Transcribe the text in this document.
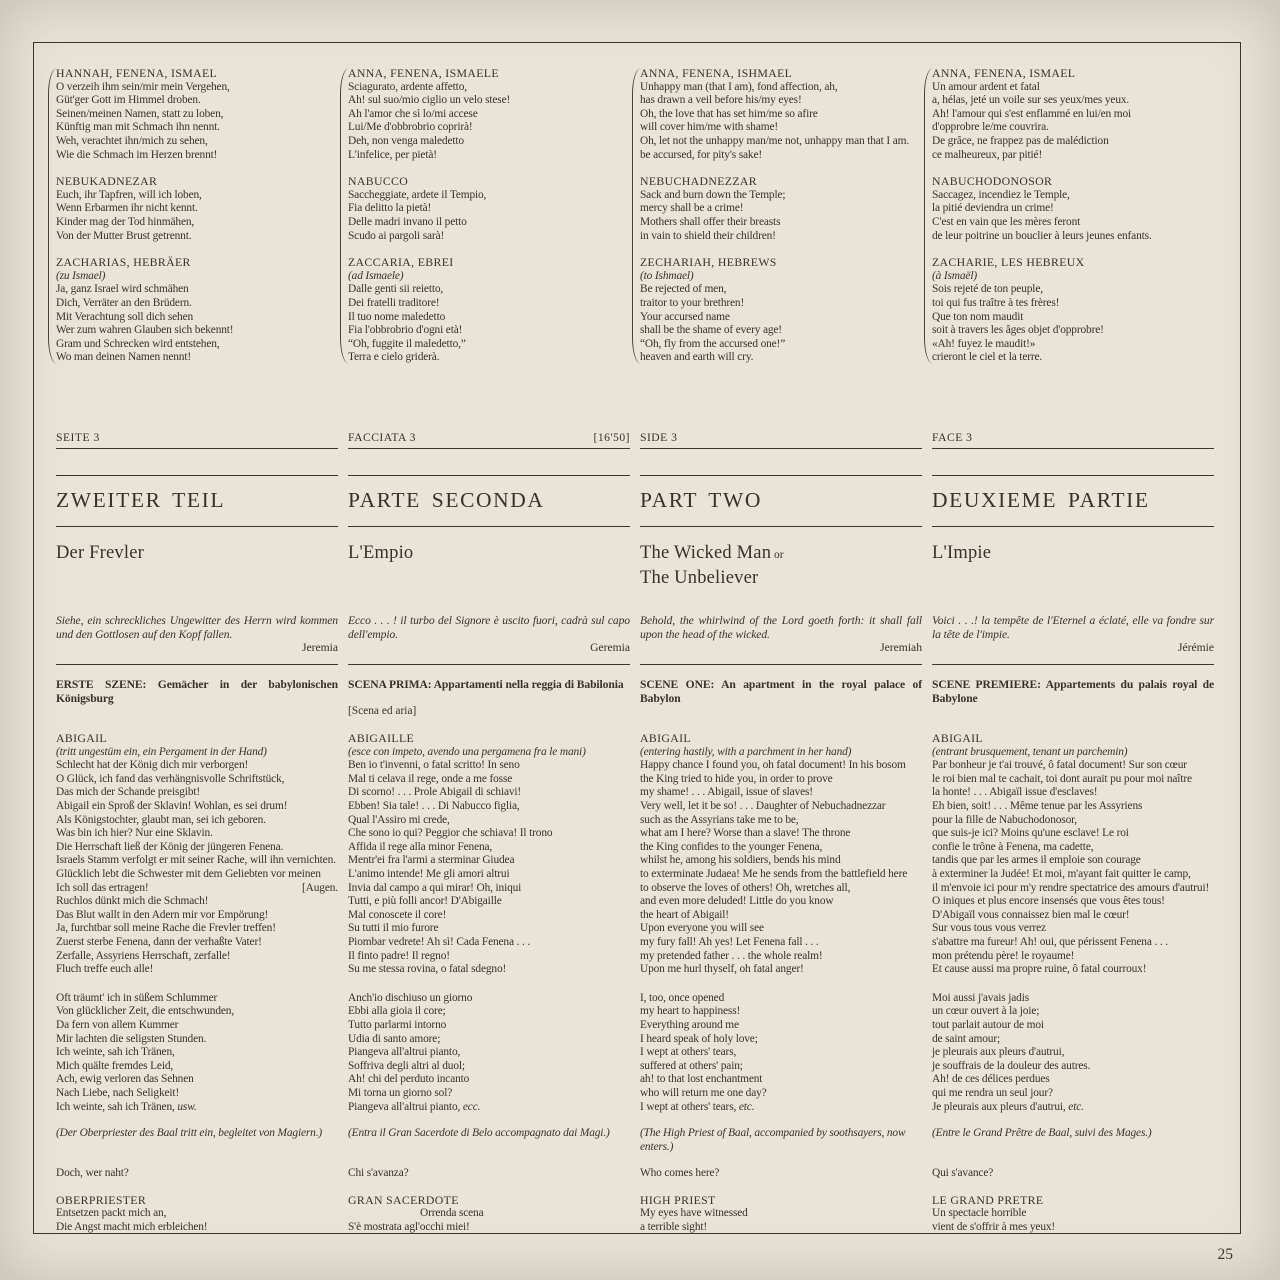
HANNAH, FENENA, ISMAEL
O verzeih ihm sein/mir mein Vergehen,
Güt'ger Gott im Himmel droben.
Seinen/meinen Namen, statt zu loben,
Künftig man mit Schmach ihn nennt.
Weh, verachtet ihn/mich zu sehen,
Wie die Schmach im Herzen brennt!
NEBUKADNEZAR
Euch, ihr Tapfren, will ich loben,
Wenn Erbarmen ihr nicht kennt.
Kinder mag der Tod hinmähen,
Von der Mutter Brust getrennt.
ZACHARIAS, HEBRÄER
(zu Ismael)
Ja, ganz Israel wird schmähen
Dich, Verräter an den Brüdern.
Mit Verachtung soll dich sehen
Wer zum wahren Glauben sich bekennt!
Gram und Schrecken wird entstehen,
Wo man deinen Namen nennt!
ANNA, FENENA, ISMAELE
Sciagurato, ardente affetto,
Ah! sul suo/mio ciglio un velo stese!
Ah l'amor che sì lo/mi accese
Lui/Me d'obbrobrio coprirà!
Deh, non venga maledetto
L'infelice, per pietà!
NABUCCO
Saccheggiate, ardete il Tempio,
Fia delitto la pietà!
Delle madri invano il petto
Scudo ai pargoli sarà!
ZACCARIA, EBREI
(ad Ismaele)
Dalle genti sii reietto,
Dei fratelli traditore!
Il tuo nome maledetto
Fia l'obbrobrio d'ogni età!
“Oh, fuggite il maledetto,”
Terra e cielo griderà.
ANNA, FENENA, ISHMAEL
Unhappy man (that I am), fond affection, ah,
has drawn a veil before his/my eyes!
Oh, the love that has set him/me so afire
will cover him/me with shame!
Oh, let not the unhappy man/me not, unhappy man that I am.
be accursed, for pity's sake!
NEBUCHADNEZZAR
Sack and burn down the Temple;
mercy shall be a crime!
Mothers shall offer their breasts
in vain to shield their children!
ZECHARIAH, HEBREWS
(to Ishmael)
Be rejected of men,
traitor to your brethren!
Your accursed name
shall be the shame of every age!
“Oh, fly from the accursed one!”
heaven and earth will cry.
ANNA, FENENA, ISMAEL
Un amour ardent et fatal
a, hélas, jeté un voile sur ses yeux/mes yeux.
Ah! l'amour qui s'est enflammé en lui/en moi
d'opprobre le/me couvrira.
De grâce, ne frappez pas de malédiction
ce malheureux, par pitié!
NABUCHODONOSOR
Saccagez, incendiez le Temple,
la pitié deviendra un crime!
C'est en vain que les mères feront
de leur poitrine un bouclier à leurs jeunes enfants.
ZACHARIE, LES HEBREUX
(à Ismaël)
Sois rejeté de ton peuple,
toi qui fus traître à tes frères!
Que ton nom maudit
soit à travers les âges objet d'opprobre!
«Ah! fuyez le maudit!»
crieront le ciel et la terre.
SEITE 3	FACCIATA 3	[16'50] SIDE 3	FACE 3
ZWEITER TEIL	PARTE SECONDA	PART TWO	DEUXIEME PARTIE
Der Frevler	L'Empio	The Wicked Man or
The Unbeliever
L'Impie
Siehe, ein schreckliches Ungewitter des Herrn wird kommen und den Gottlosen auf den Kopf fallen.
Jeremia
Ecco . . . ! il turbo del Signore è uscito fuori, cadrà sul capo dell'empio.
Geremia
Behold, the whirlwind of the Lord goeth forth: it shall fall upon the head of the wicked.
Jeremiah
Voici . . .! la tempête de l'Eternel a éclaté, elle va fondre sur la tête de l'impie.
Jérémie
ERSTE SZENE: Gemächer in der babylonischen Königsburg
SCENA PRIMA: Appartamenti nella reggia di Babilonia
[Scena ed aria]
SCENE ONE: An apartment in the royal palace of Babylon
SCENE PREMIERE: Appartements du palais royal de Babylone
ABIGAIL
(tritt ungestüm ein, ein Pergament in der Hand)
Schlecht hat der König dich mir verborgen!
O Glück, ich fand das verhängnisvolle Schriftstück,
Das mich der Schande preisgibt!
Abigail ein Sproß der Sklavin! Wohlan, es sei drum!
Als Königstochter, glaubt man, sei ich geboren.
Was bin ich hier? Nur eine Sklavin.
Die Herrschaft ließ der König der jüngeren Fenena.
Israels Stamm verfolgt er mit seiner Rache, will ihn vernichten.
Glücklich lebt die Schwester mit dem Geliebten vor meinen
Ich soll das ertragen!	[Augen.
Ruchlos dünkt mich die Schmach!
Das Blut wallt in den Adern mir vor Empörung!
Ja, furchtbar soll meine Rache die Frevler treffen!
Zuerst sterbe Fenena, dann der verhaßte Vater!
Zerfalle, Assyriens Herrschaft, zerfalle!
Fluch treffe euch alle!
ABIGAILLE
(esce con impeto, avendo una pergamena fra le mani)
Ben io t'invenni, o fatal scritto! In seno
Mal ti celava il rege, onde a me fosse
Di scorno! . . . Prole Abigail di schiavi!
Ebben! Sia tale! . . . Di Nabucco figlia,
Qual l'Assiro mi crede,
Che sono io qui? Peggior che schiava! Il trono
Affida il rege alla minor Fenena,
Mentr'ei fra l'armi a sterminar Giudea
L'animo intende! Me gli amori altrui
Invia dal campo a qui mirar! Oh, iniqui
Tutti, e più folli ancor! D'Abigaille
Mal conoscete il core!
Su tutti il mio furore
Piombar vedrete! Ah sì! Cada Fenena . . .
Il finto padre! Il regno!
Su me stessa rovina, o fatal sdegno!
ABIGAIL
(entering hastily, with a parchment in her hand)
Happy chance I found you, oh fatal document! In his bosom
the King tried to hide you, in order to prove
my shame! . . . Abigail, issue of slaves!
Very well, let it be so! . . . Daughter of Nebuchadnezzar
such as the Assyrians take me to be,
what am I here? Worse than a slave! The throne
the King confides to the younger Fenena,
whilst he, among his soldiers, bends his mind
to exterminate Judaea! Me he sends from the battlefield here
to observe the loves of others! Oh, wretches all,
and even more deluded! Little do you know
the heart of Abigail!
Upon everyone you will see
my fury fall! Ah yes! Let Fenena fall . . .
my pretended father . . . the whole realm!
Upon me hurl thyself, oh fatal anger!
ABIGAIL
(entrant brusquement, tenant un parchemin)
Par bonheur je t'ai trouvé, ô fatal document! Sur son cœur
le roi bien mal te cachait, toi dont aurait pu pour moi naître
la honte! . . . Abigaïl issue d'esclaves!
Eh bien, soit! . . . Même tenue par les Assyriens
pour la fille de Nabuchodonosor,
que suis-je ici? Moins qu'une esclave! Le roi
confie le trône à Fenena, ma cadette,
tandis que par les armes il emploie son courage
à exterminer la Judée! Et moi, m'ayant fait quitter le camp,
il m'envoie ici pour m'y rendre spectatrice des amours d'autrui!
O iniques et plus encore insensés que vous êtes tous!
D'Abigaïl vous connaissez bien mal le cœur!
Sur vous tous vous verrez
s'abattre ma fureur! Ah! oui, que périssent Fenena . . .
mon prétendu père! le royaume!
Et cause aussi ma propre ruine, ô fatal courroux!
Oft träumt' ich in süßem Schlummer
Von glücklicher Zeit, die entschwunden,
Da fern von allem Kummer
Mir lachten die seligsten Stunden.
Ich weinte, sah ich Tränen,
Mich quälte fremdes Leid,
Ach, ewig verloren das Sehnen
Nach Liebe, nach Seligkeit!
Ich weinte, sah ich Tränen, usw.
Anch'io dischiuso un giorno
Ebbi alla gioia il core;
Tutto parlarmi intorno
Udia di santo amore;
Piangeva all'altrui pianto,
Soffriva degli altri al duol;
Ah! chi del perduto incanto
Mi torna un giorno sol?
Piangeva all'altrui pianto, ecc.
I, too, once opened
my heart to happiness!
Everything around me
I heard speak of holy love;
I wept at others' tears,
suffered at others' pain;
ah! to that lost enchantment
who will return me one day?
I wept at others' tears, etc.
Moi aussi j'avais jadis
un cœur ouvert à la joie;
tout parlait autour de moi
de saint amour;
je pleurais aux pleurs d'autrui,
je souffrais de la douleur des autres.
Ah! de ces délices perdues
qui me rendra un seul jour?
Je pleurais aux pleurs d'autrui, etc.
(Der Oberpriester des Baal tritt ein, begleitet von Magiern.)	(Entra il Gran Sacerdote di Belo accompagnato dai Magi.)	(The High Priest of Baal, accompanied by soothsayers, now enters.)
(Entre le Grand Prêtre de Baal, suivi des Mages.)
Doch, wer naht?	Chi s'avanza?	Who comes here?	Qui s'avance?
OBERPRIESTER
Entsetzen packt mich an,
Die Angst macht mich erbleichen!
GRAN SACERDOTE
Orrenda scena
S'è mostrata agl'occhi miei!
HIGH PRIEST
My eyes have witnessed
a terrible sight!
LE GRAND PRETRE
Un spectacle horrible
vient de s'offrir à mes yeux!
25
